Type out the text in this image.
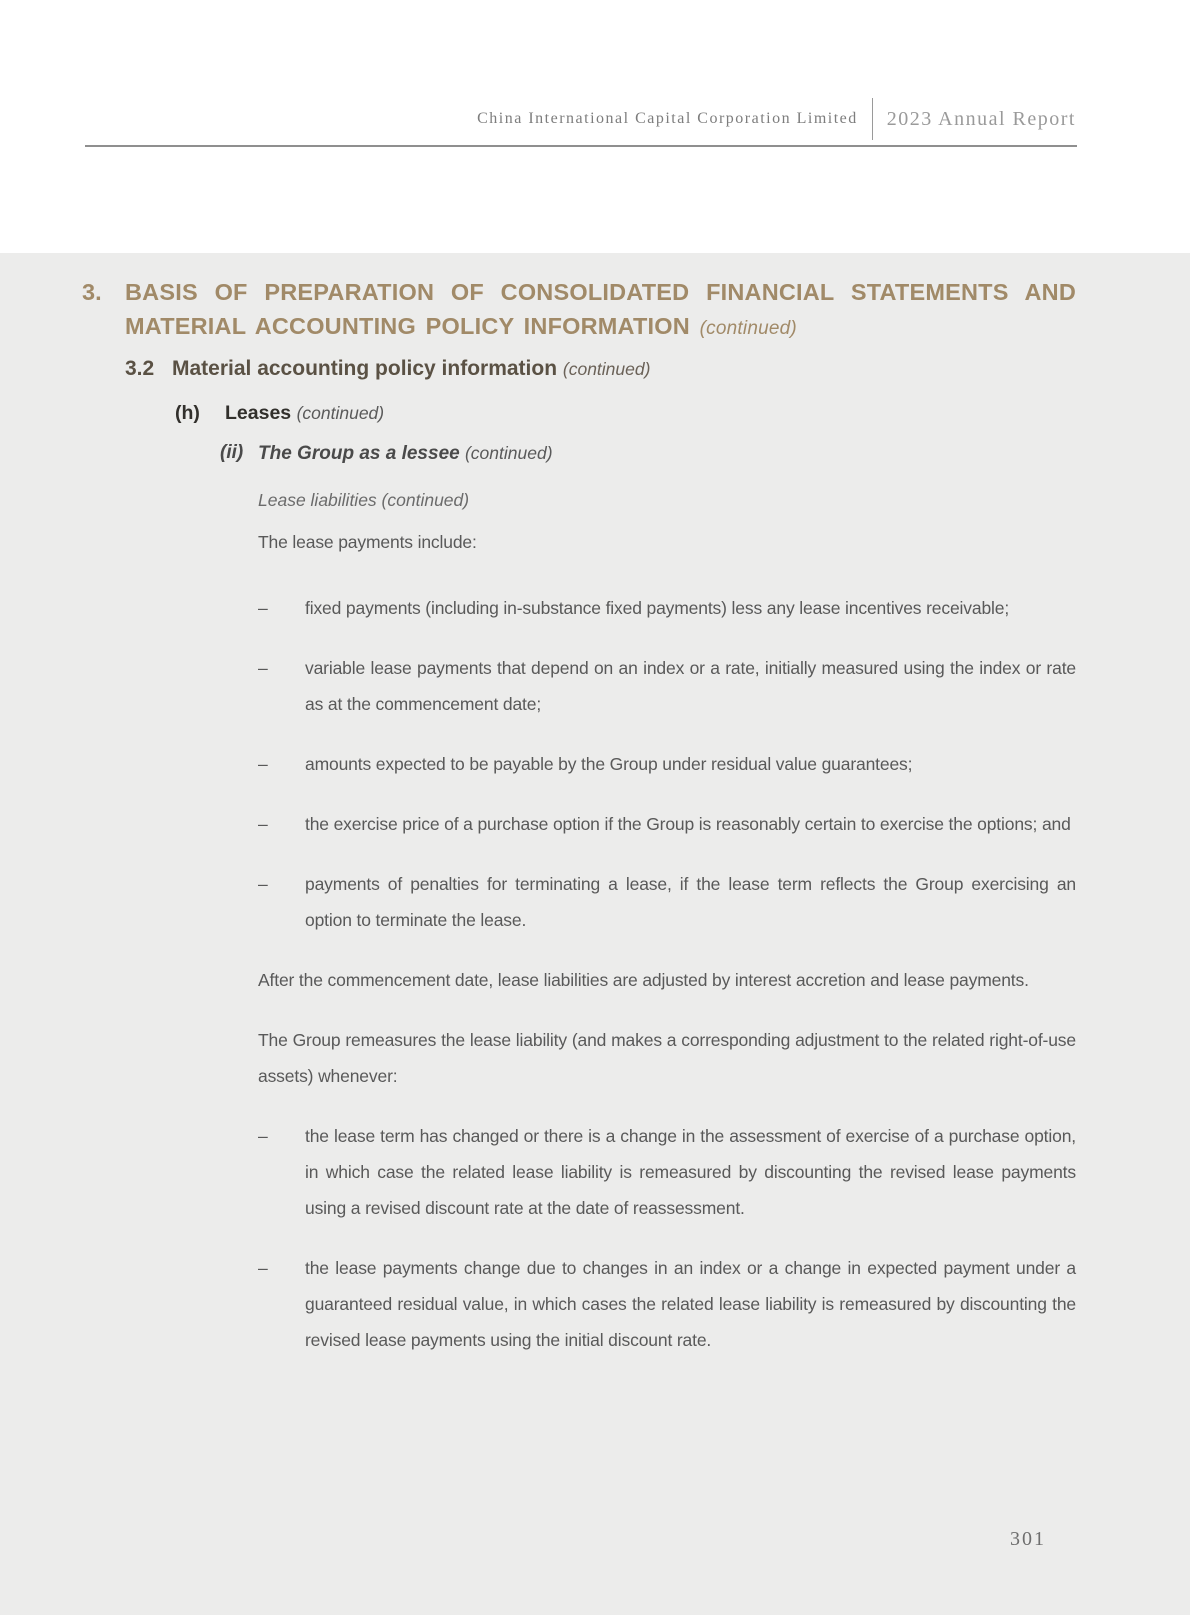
China International Capital Corporation Limited 2023 Annual Report
3. BASIS OF PREPARATION OF CONSOLIDATED FINANCIAL STATEMENTS AND MATERIAL ACCOUNTING POLICY INFORMATION (continued)

3.2 Material accounting policy information (continued)

(h)	Leases (continued)

(ii) The Group as a lessee (continued)

Lease liabilities (continued)

The lease payments include:

–	fixed payments (including in-substance fixed payments) less any lease incentives receivable;

–	variable lease payments that depend on an index or a rate, initially measured using the index or rate as at the commencement date;

–	amounts expected to be payable by the Group under residual value guarantees;

–	the exercise price of a purchase option if the Group is reasonably certain to exercise the options; and

–	payments of penalties for terminating a lease, if the lease term reflects the Group exercising an option to terminate the lease.

After the commencement date, lease liabilities are adjusted by interest accretion and lease payments.

The Group remeasures the lease liability (and makes a corresponding adjustment to the related right-of-use assets) whenever:

–	the lease term has changed or there is a change in the assessment of exercise of a purchase option, in which case the related lease liability is remeasured by discounting the revised lease payments using a revised discount rate at the date of reassessment.

–	the lease payments change due to changes in an index or a change in expected payment under a guaranteed residual value, in which cases the related lease liability is remeasured by discounting the revised lease payments using the initial discount rate.

301
